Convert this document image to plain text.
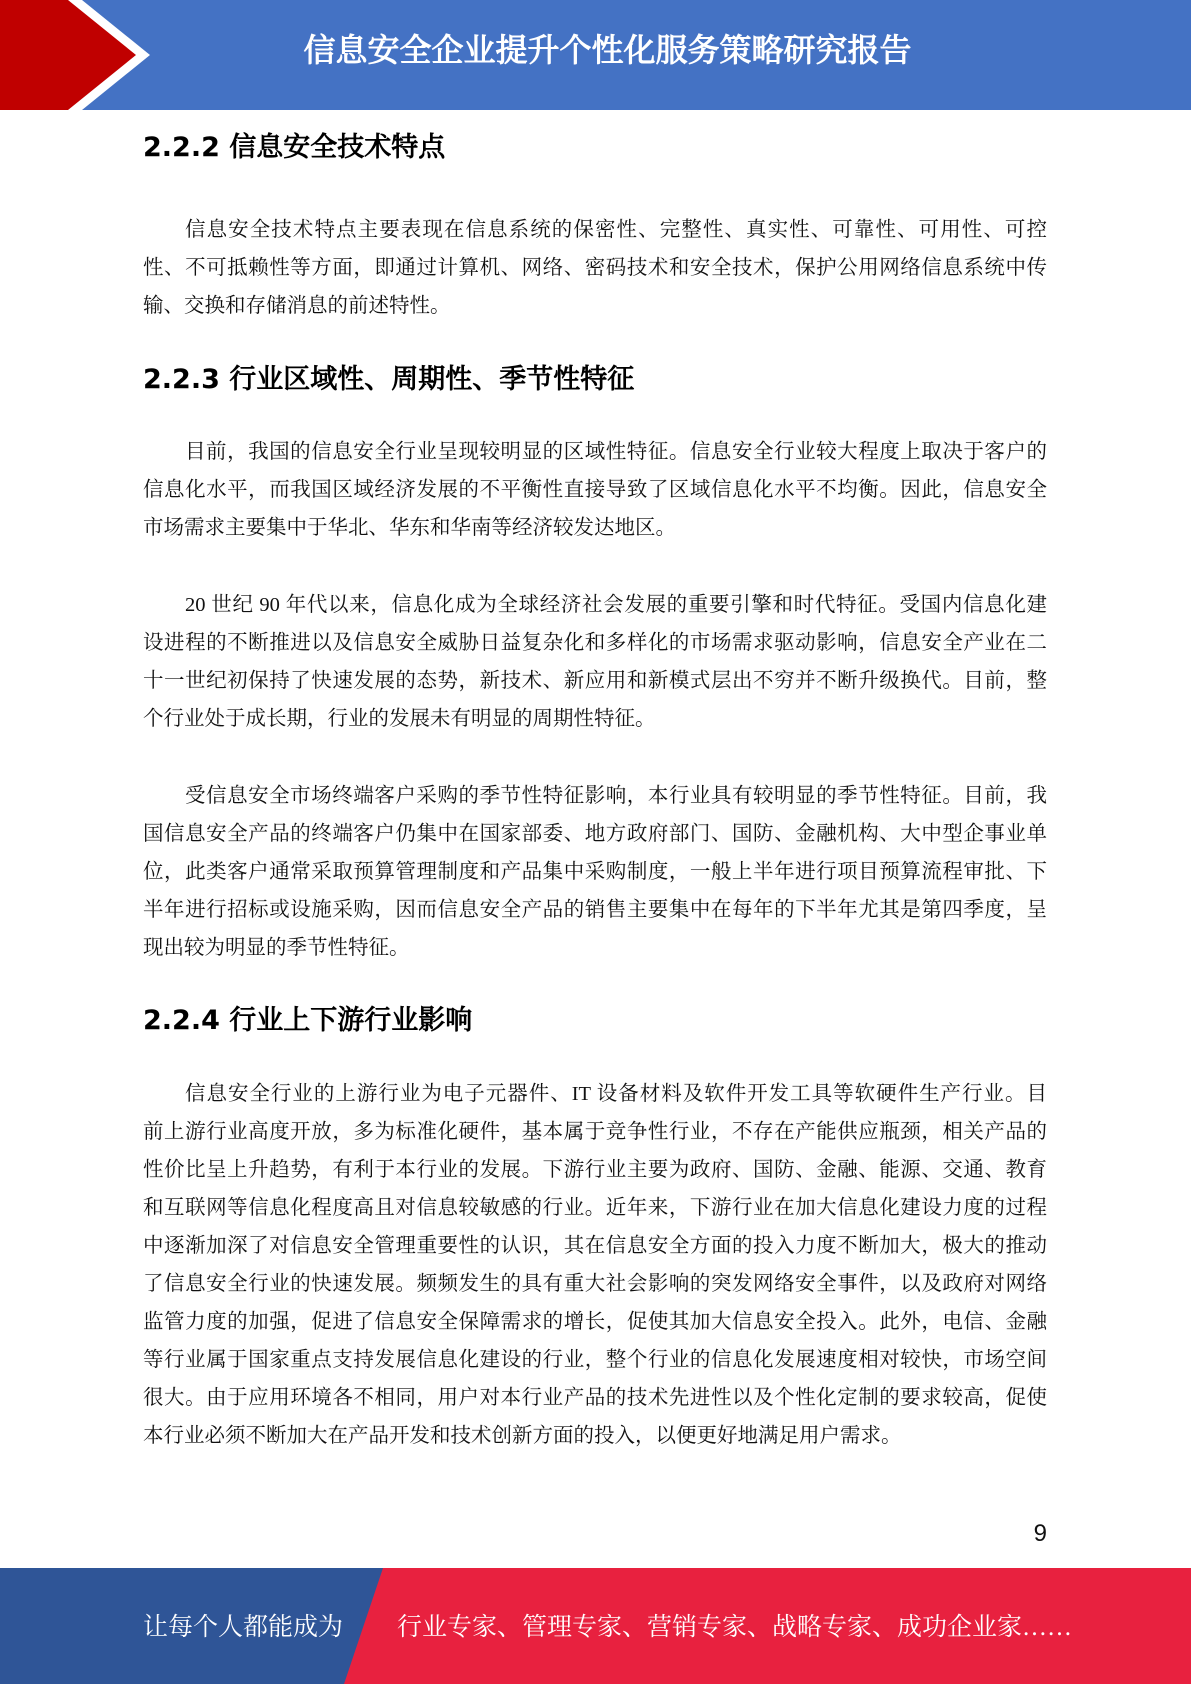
信息安全企业提升个性化服务策略研究报告
2.2.2 信息安全技术特点
信息安全技术特点主要表现在信息系统的保密性、完整性、真实性、可靠性、可用性、可控
性、不可抵赖性等方面，即通过计算机、网络、密码技术和安全技术，保护公用网络信息系统中传
输、交换和存储消息的前述特性。
2.2.3 行业区域性、周期性、季节性特征
目前，我国的信息安全行业呈现较明显的区域性特征。信息安全行业较大程度上取决于客户的
信息化水平，而我国区域经济发展的不平衡性直接导致了区域信息化水平不均衡。因此，信息安全
市场需求主要集中于华北、华东和华南等经济较发达地区。
20 世纪 90 年代以来，信息化成为全球经济社会发展的重要引擎和时代特征。受国内信息化建
设进程的不断推进以及信息安全威胁日益复杂化和多样化的市场需求驱动影响，信息安全产业在二
十一世纪初保持了快速发展的态势，新技术、新应用和新模式层出不穷并不断升级换代。目前，整
个行业处于成长期，行业的发展未有明显的周期性特征。
受信息安全市场终端客户采购的季节性特征影响，本行业具有较明显的季节性特征。目前，我
国信息安全产品的终端客户仍集中在国家部委、地方政府部门、国防、金融机构、大中型企事业单
位，此类客户通常采取预算管理制度和产品集中采购制度，一般上半年进行项目预算流程审批、下
半年进行招标或设施采购，因而信息安全产品的销售主要集中在每年的下半年尤其是第四季度，呈
现出较为明显的季节性特征。
2.2.4 行业上下游行业影响
信息安全行业的上游行业为电子元器件、IT 设备材料及软件开发工具等软硬件生产行业。目
前上游行业高度开放，多为标准化硬件，基本属于竞争性行业，不存在产能供应瓶颈，相关产品的
性价比呈上升趋势，有利于本行业的发展。下游行业主要为政府、国防、金融、能源、交通、教育
和互联网等信息化程度高且对信息较敏感的行业。近年来，下游行业在加大信息化建设力度的过程
中逐渐加深了对信息安全管理重要性的认识，其在信息安全方面的投入力度不断加大，极大的推动
了信息安全行业的快速发展。频频发生的具有重大社会影响的突发网络安全事件，以及政府对网络
监管力度的加强，促进了信息安全保障需求的增长，促使其加大信息安全投入。此外，电信、金融
等行业属于国家重点支持发展信息化建设的行业，整个行业的信息化发展速度相对较快，市场空间
很大。由于应用环境各不相同，用户对本行业产品的技术先进性以及个性化定制的要求较高，促使
本行业必须不断加大在产品开发和技术创新方面的投入，以便更好地满足用户需求。
9
让每个人都能成为 行业专家、管理专家、营销专家、战略专家、成功企业家……
